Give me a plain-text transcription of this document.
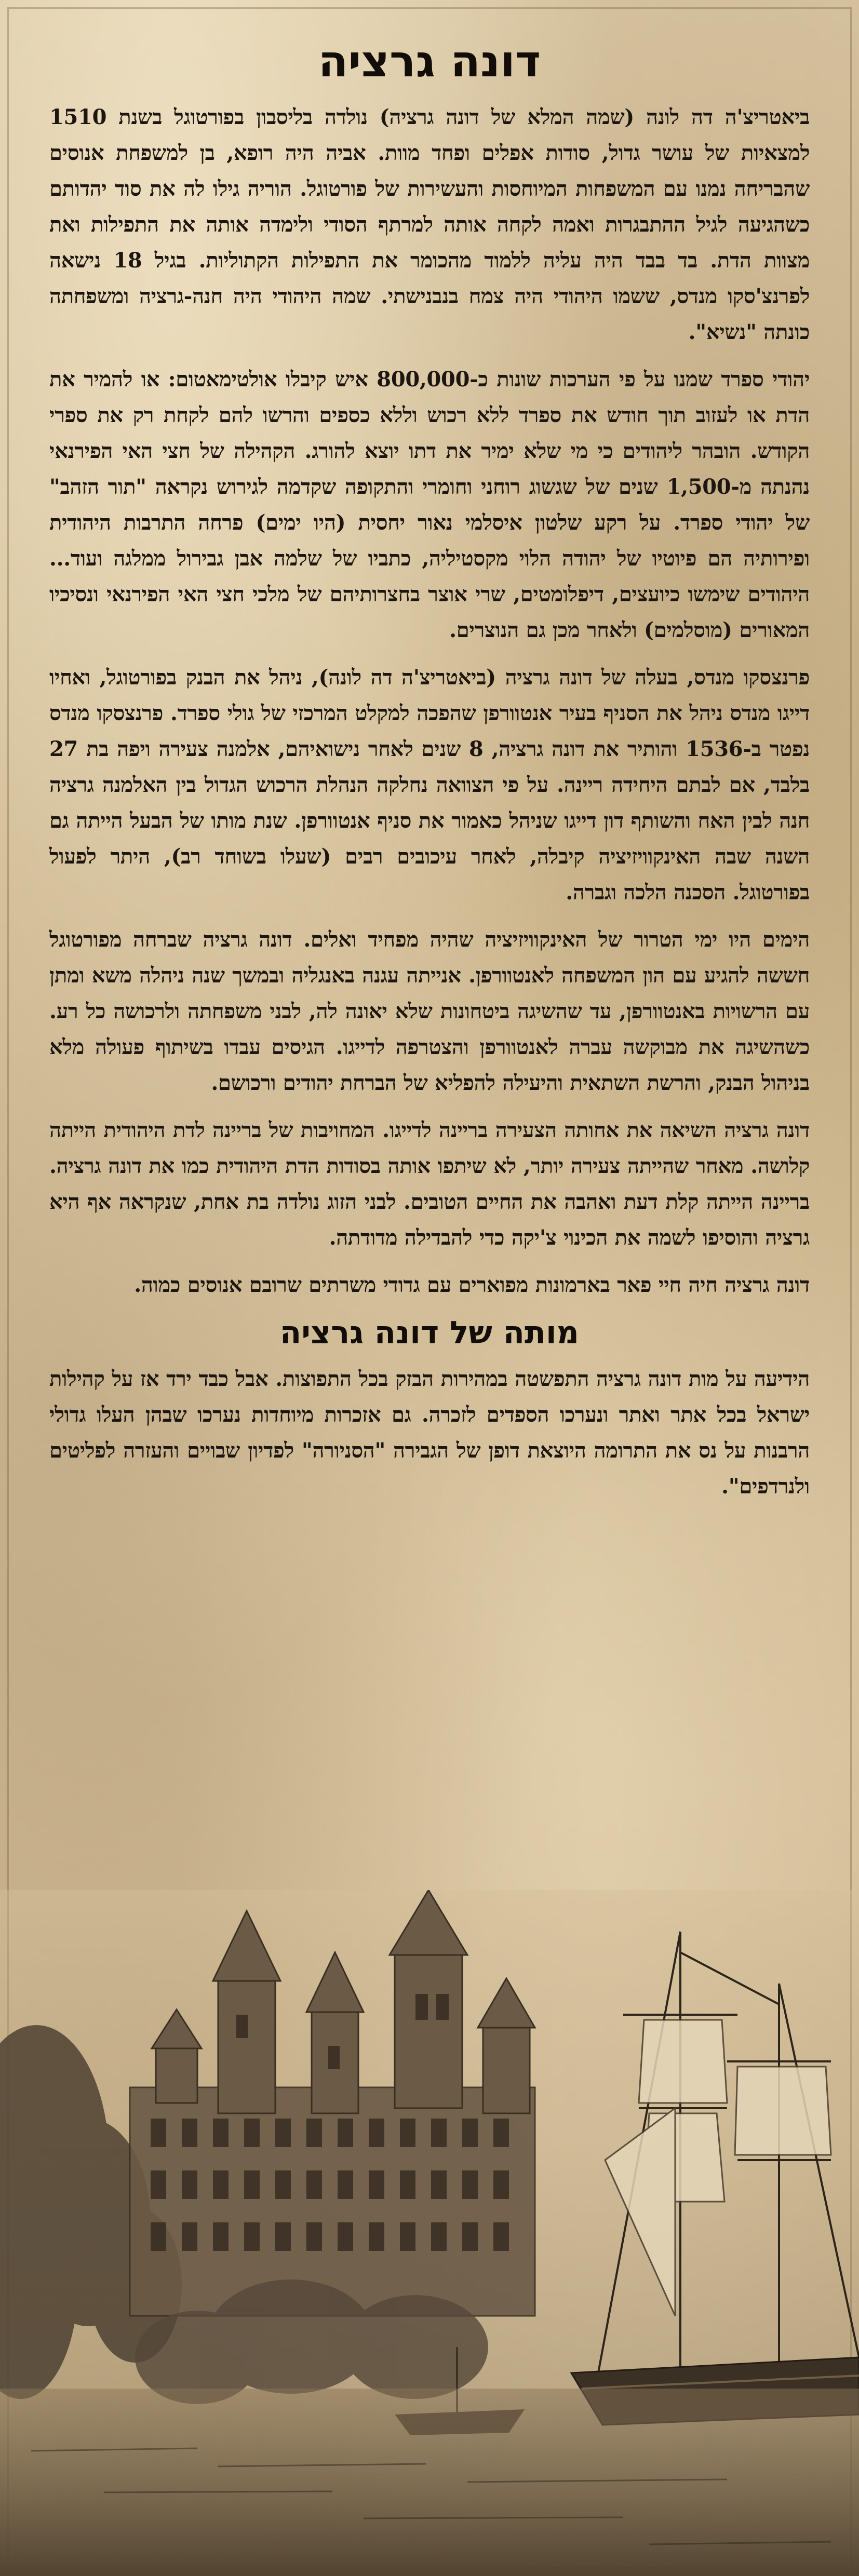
דונה גרציה

ביאטריצ'ה דה לונה (שמה המלא של דונה גרציה) נולדה בליסבון בפורטוגל בשנת 1510 למצאיות של עושר גדול, סודות אפלים ופחד מוות. אביה היה רופא, בן למשפחת אנוסים שהבריחה נמנו עם המשפחות המיוחסות והעשירות של פורטוגל. הוריה גילו לה את סוד יהדותם כשהגיעה לגיל ההתבגרות ואמה לקחה אותה למרתף הסודי ולימדה אותה את התפילות ואת מצוות הדת. בד בבד היה עליה ללמוד מהכומר את התפילות הקתוליות. בגיל 18 נישאה לפרנצ'סקו מנדס, ששמו היהודי היה צמח בנבנישתי. שמה היהודי היה חנה-גרציה ומשפחתה כונתה "נשיא".

יהודי ספרד שמנו על פי הערכות שונות כ-800,000 איש קיבלו אולטימאטום: או להמיר את הדת או לעזוב תוך חודש את ספרד ללא רכוש וללא כספים והרשו להם לקחת רק את ספרי הקודש. הובהר ליהודים כי מי שלא ימיר את דתו יוצא להורג. הקהילה של חצי האי הפירנאי נהנתה מ-1,500 שנים של שגשוג רוחני וחומרי והתקופה שקדמה לגירוש נקראה "תור הזהב" של יהודי ספרד. על רקע שלטון איסלמי נאור יחסית (היו ימים) פרחה התרבות היהודית ופירותיה הם פיוטיו של יהודה הלוי מקסטיליה, כתביו של שלמה אבן גבירול ממלגה ועוד... היהודים שימשו כיועצים, דיפלומטים, שרי אוצר בחצרותיהם של מלכי חצי האי הפירנאי ונסיכיו המאורים (מוסלמים) ולאחר מכן גם הנוצרים.

פרנצסקו מנדס, בעלה של דונה גרציה (ביאטריצ'ה דה לונה), ניהל את הבנק בפורטוגל, ואחיו דייגו מנדס ניהל את הסניף בעיר אנטוורפן שהפכה למקלט המרכזי של גולי ספרד. פרנצסקו מנדס נפטר ב-1536 והותיר את דונה גרציה, 8 שנים לאחר נישואיהם, אלמנה צעירה ויפה בת 27 בלבד, אם לבתם היחידה ריינה. על פי הצוואה נחלקה הנהלת הרכוש הגדול בין האלמנה גרציה חנה לבין האח והשותף דון דייגו שניהל כאמור את סניף אנטוורפן. שנת מותו של הבעל הייתה גם השנה שבה האינקוויזיציה קיבלה, לאחר עיכובים רבים (שעלו בשוחד רב), היתר לפעול בפורטוגל. הסכנה הלכה וגברה.

הימים היו ימי הטרור של האינקוויזיציה שהיה מפחיד ואלים. דונה גרציה שברחה מפורטוגל חששה להגיע עם הון המשפחה לאנטוורפן. אנייתה עגנה באנגליה ובמשך שנה ניהלה משא ומתן עם הרשויות באנטוורפן, עד שהשיגה ביטחונות שלא יאונה לה, לבני משפחתה ולרכושה כל רע. כשהשיגה את מבוקשה עברה לאנטוורפן והצטרפה לדייגו. הגיסים עבדו בשיתוף פעולה מלא בניהול הבנק, והרשת השתאית והיעילה להפליא של הברחת יהודים ורכושם.

דונה גרציה השיאה את אחותה הצעירה בריינה לדייגו. המחויבות של בריינה לדת היהודית הייתה קלושה. מאחר שהייתה צעירה יותר, לא שיתפו אותה בסודות הדת היהודית כמו את דונה גרציה. בריינה הייתה קלת דעת ואהבה את החיים הטובים. לבני הזוג נולדה בת אחת, שנקראה אף היא גרציה והוסיפו לשמה את הכינוי צ'יקה כדי להבדילה מדודתה.

דונה גרציה חיה חיי פאר בארמונות מפוארים עם גדודי משרתים שרובם אנוסים כמוה.

מותה של דונה גרציה

הידיעה על מות דונה גרציה התפשטה במהירות הבזק בכל התפוצות. אבל כבד ירד אז על קהילות ישראל בכל אתר ואתר ונערכו הספדים לזכרה. גם אזכרות מיוחדות נערכו שבהן העלו גדולי הרבנות על נס את התרומה היוצאת דופן של הגבירה "הסניורה" לפדיון שבויים והעזרה לפליטים ולנרדפים".
